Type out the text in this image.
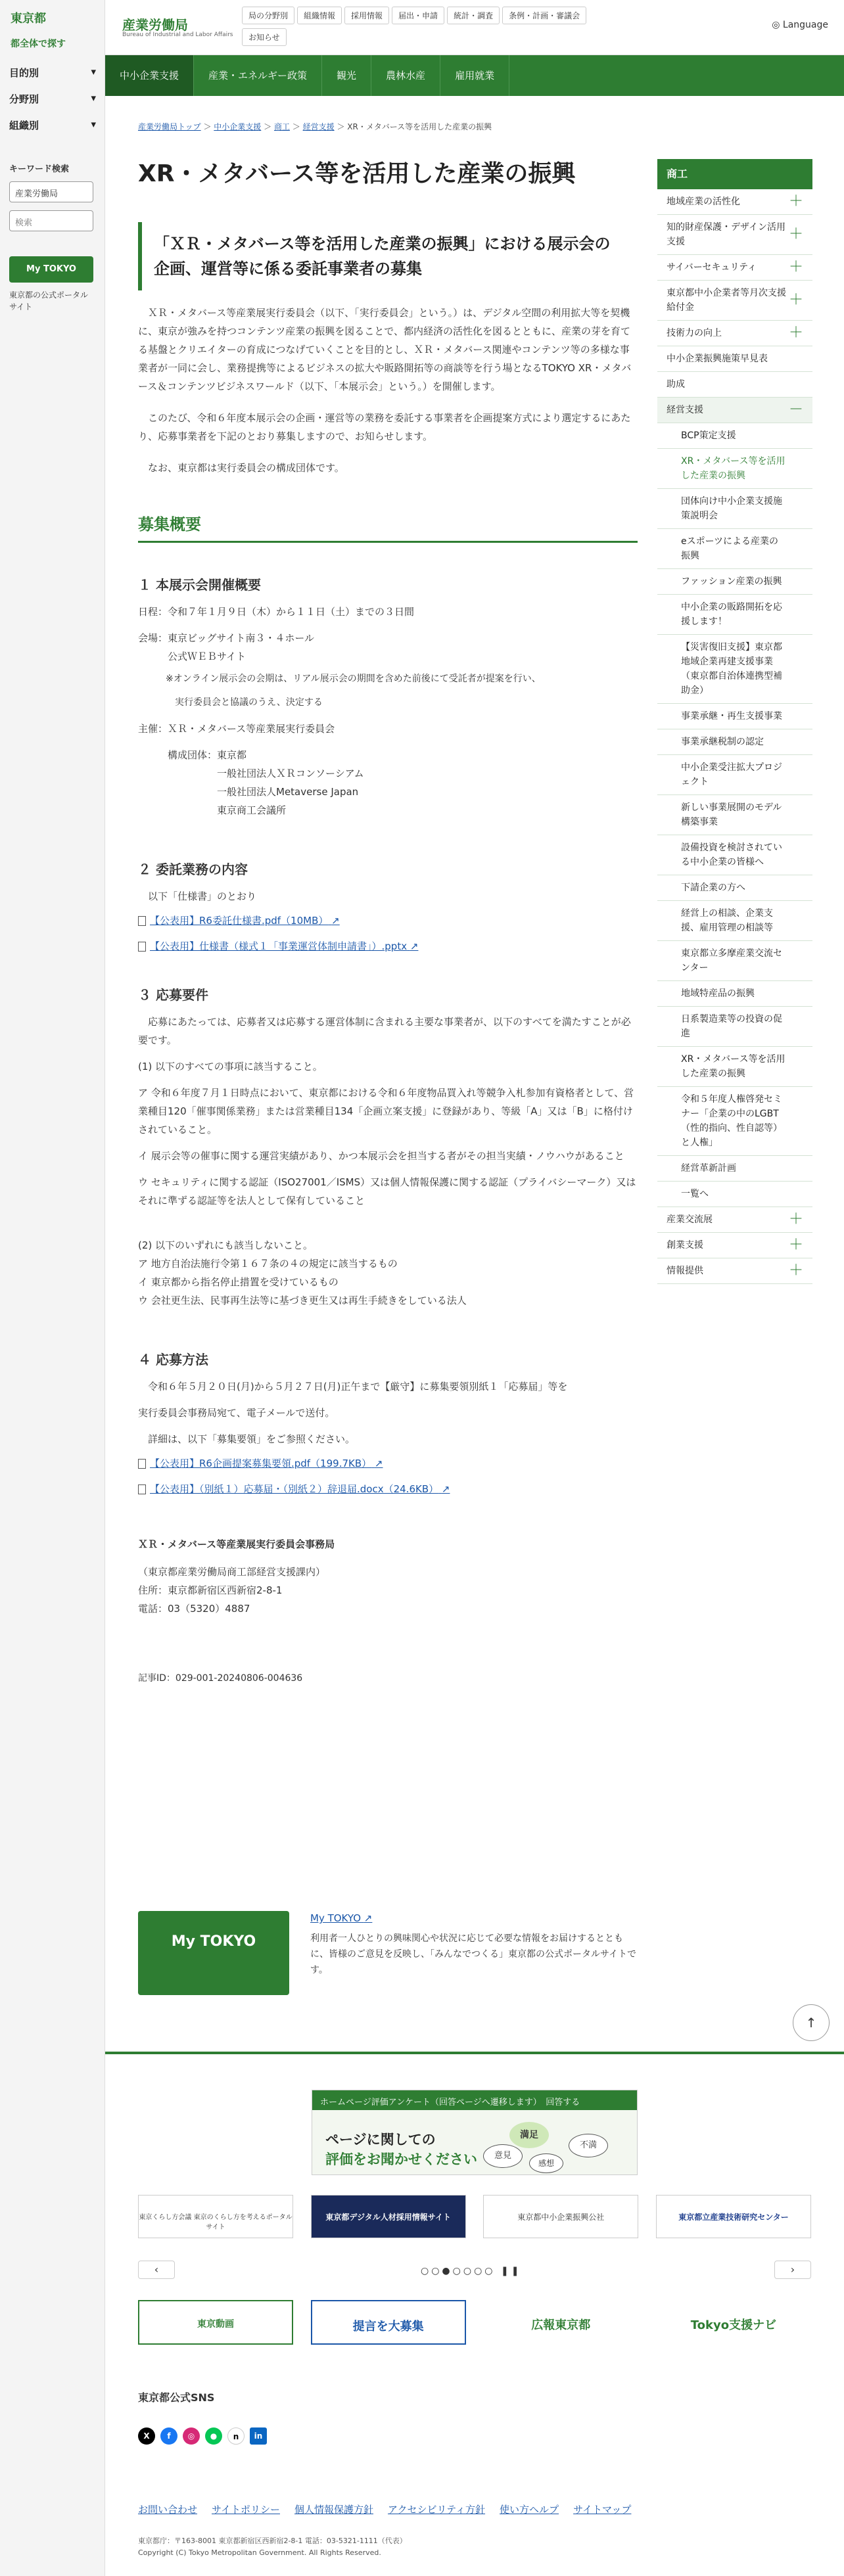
東京都
都全体で探す
目的別	▾
分野別	▾
組織別	▾
キーワード検索
産業労働局
検索
My TOKYO
東京都の公式ポータルサイト
産業労働局
Bureau of Industrial and Labor Affairs
局の分野別 組織情報 採用情報 届出・申請 統計・調査 条例・計画・審議会
お知らせ
◎ Language
中小企業支援	産業・エネルギー政策	観光	農林水産	雇用就業
産業労働局トップ ＞ 中小企業支援 ＞ 商工 ＞ 経営支援 ＞ XR・メタバース等を活用した産業の振興
XR・メタバース等を活用した産業の振興
「ＸＲ・メタバース等を活用した産業の振興」における展示会の企画、運営等に係る委託事業者の募集

ＸＲ・メタバース等産業展実行委員会（以下、「実行委員会」という。）は、デジタル空間の利用拡大等を契機に、東京が強みを持つコンテンツ産業の振興を図ることで、都内経済の活性化を図るとともに、産業の芽を育てる基盤とクリエイターの育成につなげていくことを目的とし、ＸＲ・メタバース関連やコンテンツ等の多様な事業者が一同に会し、業務提携等によるビジネスの拡大や販路開拓等の商談等を行う場となるTOKYO XR・メタバース＆コンテンツビジネスワールド（以下、「本展示会」という。）を開催します。

このたび、令和６年度本展示会の企画・運営等の業務を委託する事業者を企画提案方式により選定するにあたり、応募事業者を下記のとおり募集しますので、お知らせします。

なお、東京都は実行委員会の構成団体です。

募集概要
１ 本展示会開催概要
日程：令和７年１月９日（木）から１１日（土）までの３日間
会場：東京ビッグサイト南３・４ホール
　　　公式ＷＥＢサイト
　　　※オンライン展示会の会期は、リアル展示会の期間を含めた前後にて受託者が提案を行い、
　　　　実行委員会と協議のうえ、決定する
主催：ＸＲ・メタバース等産業展実行委員会
　　　構成団体：東京都
　　　　　　　　一般社団法人ＸＲコンソーシアム
　　　　　　　　一般社団法人Metaverse Japan
　　　　　　　　東京商工会議所
２ 委託業務の内容
以下「仕様書」のとおり
【公表用】R6委託仕様書.pdf（10MB） ↗
【公表用】仕様書（様式１「事業運営体制申請書」）.pptx ↗
３ 応募要件
応募にあたっては、応募者又は応募する運営体制に含まれる主要な事業者が、以下のすべてを満たすことが必要です。
(1) 以下のすべての事項に該当すること。
ア 令和６年度７月１日時点において、東京都における令和６年度物品買入れ等競争入札参加有資格者として、営業種目120「催事関係業務」または営業種目134「企画立案支援」に登録があり、等級「A」又は「B」に格付けされていること。
イ 展示会等の催事に関する運営実績があり、かつ本展示会を担当する者がその担当実績・ノウハウがあること
ウ セキュリティに関する認証（ISO27001／ISMS）又は個人情報保護に関する認証（プライバシーマーク）又はそれに準ずる認証等を法人として保有していること
(2) 以下のいずれにも該当しないこと。
ア 地方自治法施行令第１６７条の４の規定に該当するもの
イ 東京都から指名停止措置を受けているもの
ウ 会社更生法、民事再生法等に基づき更生又は再生手続きをしている法人
４ 応募方法
令和６年５月２０日(月)から５月２７日(月)正午まで【厳守】に募集要領別紙１「応募届」等を
実行委員会事務局宛て、電子メールで送付。
詳細は、以下「募集要領」をご参照ください。
【公表用】R6企画提案募集要領.pdf（199.7KB） ↗
【公表用】（別紙１）応募届・（別紙２）辞退届.docx（24.6KB） ↗
ＸＲ・メタバース等産業展実行委員会事務局
（東京都産業労働局商工部経営支援課内）
住所：東京都新宿区西新宿2-8-1
電話：03（5320）4887
記事ID：029-001-20240806-004636
My TOKYO
My TOKYO ↗
利用者一人ひとりの興味関心や状況に応じて必要な情報をお届けするとともに、皆様のご意見を反映し、「みんなでつくる」東京都の公式ポータルサイトです。
商工
地域産業の活性化	＋
知的財産保護・デザイン活用支援	＋
サイバーセキュリティ ＋
東京都中小企業者等月次支援給付金	＋
技術力の向上	＋
中小企業振興施策早見表
助成
経営支援	－
BCP策定支援
XR・メタバース等を活用した産業の振興
団体向け中小企業支援施策説明会
eスポーツによる産業の振興
ファッション産業の振興
中小企業の販路開拓を応援します！
【災害復旧支援】東京都地域企業再建支援事業（東京都自治体連携型補助金）
事業承継・再生支援事業
事業承継税制の認定
中小企業受注拡大プロジェクト
新しい事業展開のモデル構築事業
設備投資を検討されている中小企業の皆様へ
下請企業の方へ
経営上の相談、企業支援、雇用管理の相談等
東京都立多摩産業交流センター
地域特産品の振興
日系製造業等の投資の促進
XR・メタバース等を活用した産業の振興
令和５年度人権啓発セミナー「企業の中のLGBT（性的指向、性自認等）と人権」
経営革新計画
一覧へ
産業交流展	＋
創業支援	＋
情報提供	＋
↑
ホームページ評価アンケート（回答ページへ遷移します）　回答する
ページに関しての
評価をお聞かせください
満足
意見
不満
感想
東京くらし方会議 東京のくらし方を考えるポータルサイト
東京都デジタル人材採用情報サイト	東京都中小企業振興公社	東京都立産業技術研究センター
‹	○○●○○○○ ❚❚	›
東京動画	提言を大募集	広報東京都	Tokyo支援ナビ
東京都公式SNS
X	f	◎	●	n	in
お問い合わせ サイトポリシー 個人情報保護方針 アクセシビリティ方針 使い方ヘルプ サイトマップ
東京都庁：〒163-8001 東京都新宿区西新宿2-8-1 電話：03-5321-1111（代表）
Copyright (C) Tokyo Metropolitan Government. All Rights Reserved.
